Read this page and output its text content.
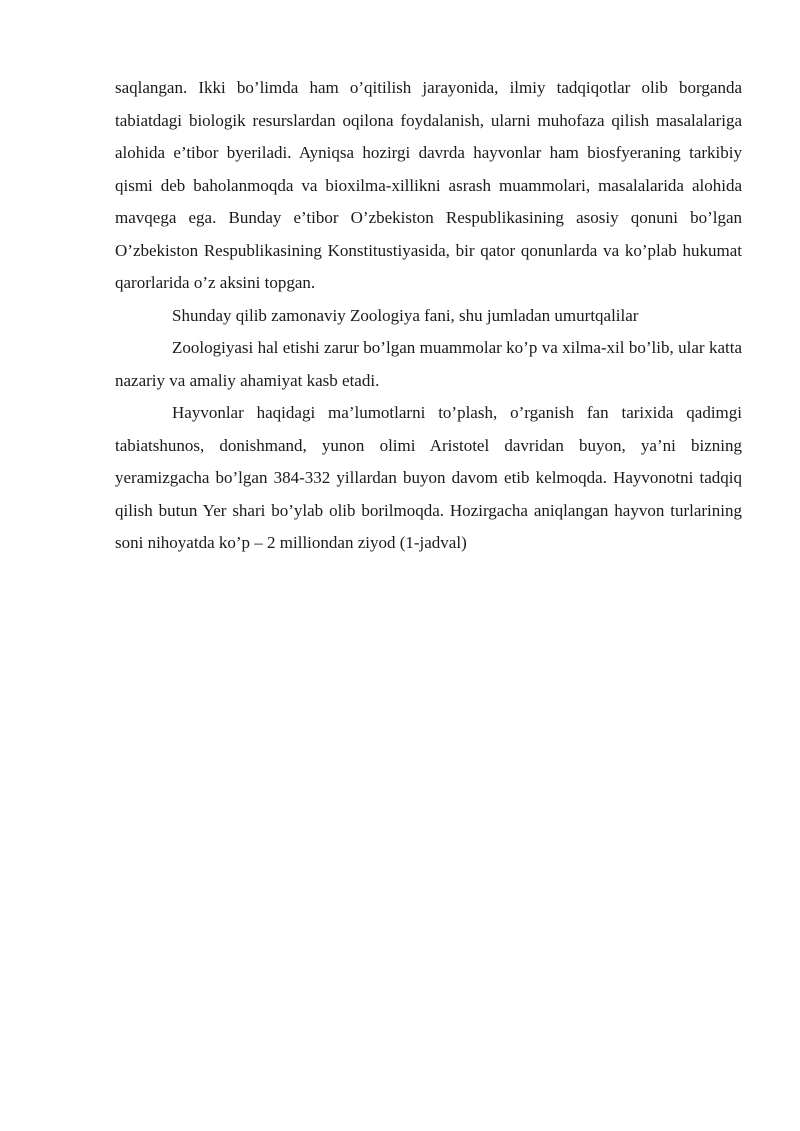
saqlangan. Ikki bo’limda ham o’qitilish jarayonida, ilmiy tadqiqotlar olib borganda tabiatdagi biologik resurslardan oqilona foydalanish, ularni muhofaza qilish masalalariga alohida e’tibor byeriladi. Ayniqsa hozirgi davrda hayvonlar ham biosfyeraning tarkibiy qismi deb baholanmoqda va bioxilma-xillikni asrash muammolari, masalalarida alohida mavqega ega. Bunday e’tibor O’zbekiston Respublikasining asosiy qonuni bo’lgan O’zbekiston Respublikasining Konstitustiyasida, bir qator qonunlarda va ko’plab hukumat qarorlarida o’z aksini topgan.

Shunday qilib zamonaviy Zoologiya fani, shu jumladan umurtqalilar

Zoologiyasi hal etishi zarur bo’lgan muammolar ko’p va xilma-xil bo’lib, ular katta nazariy va amaliy ahamiyat kasb etadi.

Hayvonlar haqidagi ma’lumotlarni to’plash, o’rganish fan tarixida qadimgi tabiatshunos, donishmand, yunon olimi Aristotel davridan buyon, ya’ni bizning yeramizgacha bo’lgan 384-332 yillardan buyon davom etib kelmoqda. Hayvonotni tadqiq qilish butun Yer shari bo’ylab olib borilmoqda. Hozirgacha aniqlangan hayvon turlarining soni nihoyatda ko’p – 2 milliondan ziyod (1-jadval)
